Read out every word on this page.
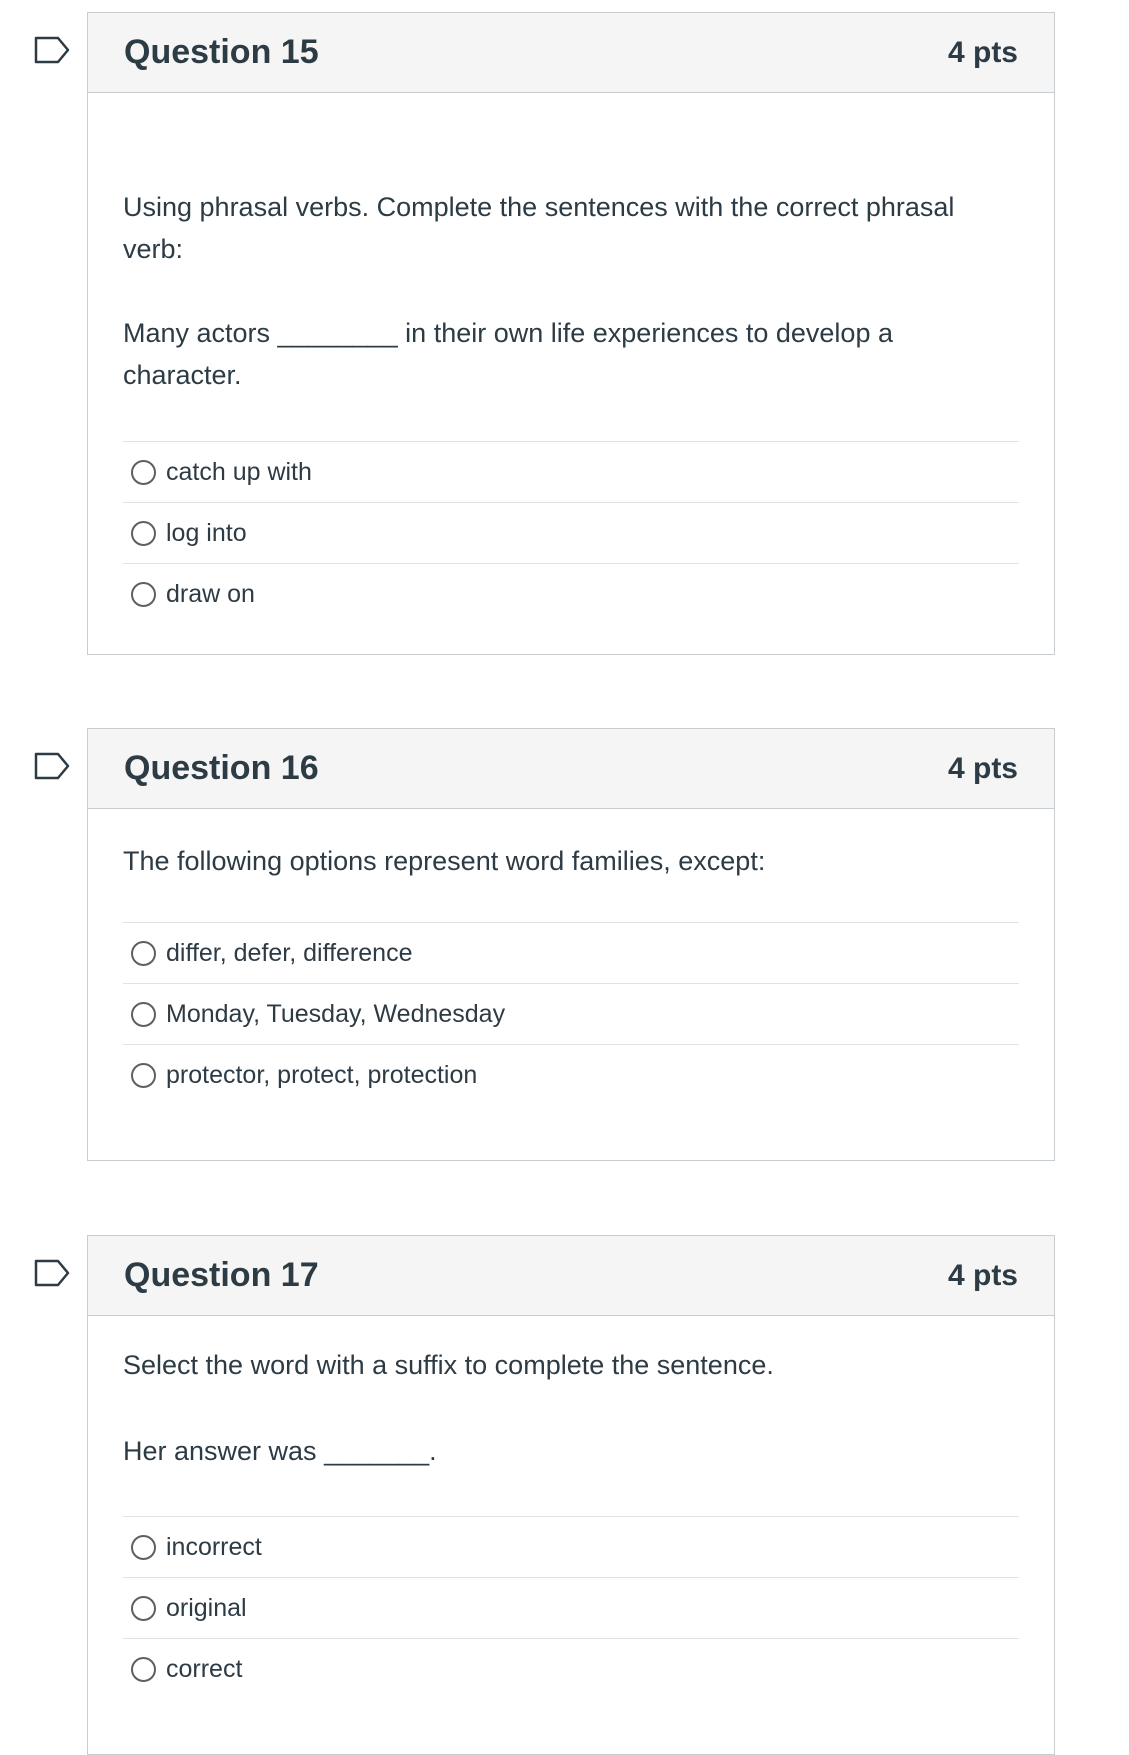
Question 15	4 pts

Using phrasal verbs. Complete the sentences with the correct phrasal verb:

Many actors ________ in their own life experiences to develop a character.

catch up with
log into
draw on
Question 16	4 pts

The following options represent word families, except:

differ, defer, difference
Monday, Tuesday, Wednesday
protector, protect, protection
Question 17	4 pts

Select the word with a suffix to complete the sentence.

Her answer was _______.

incorrect
original
correct
